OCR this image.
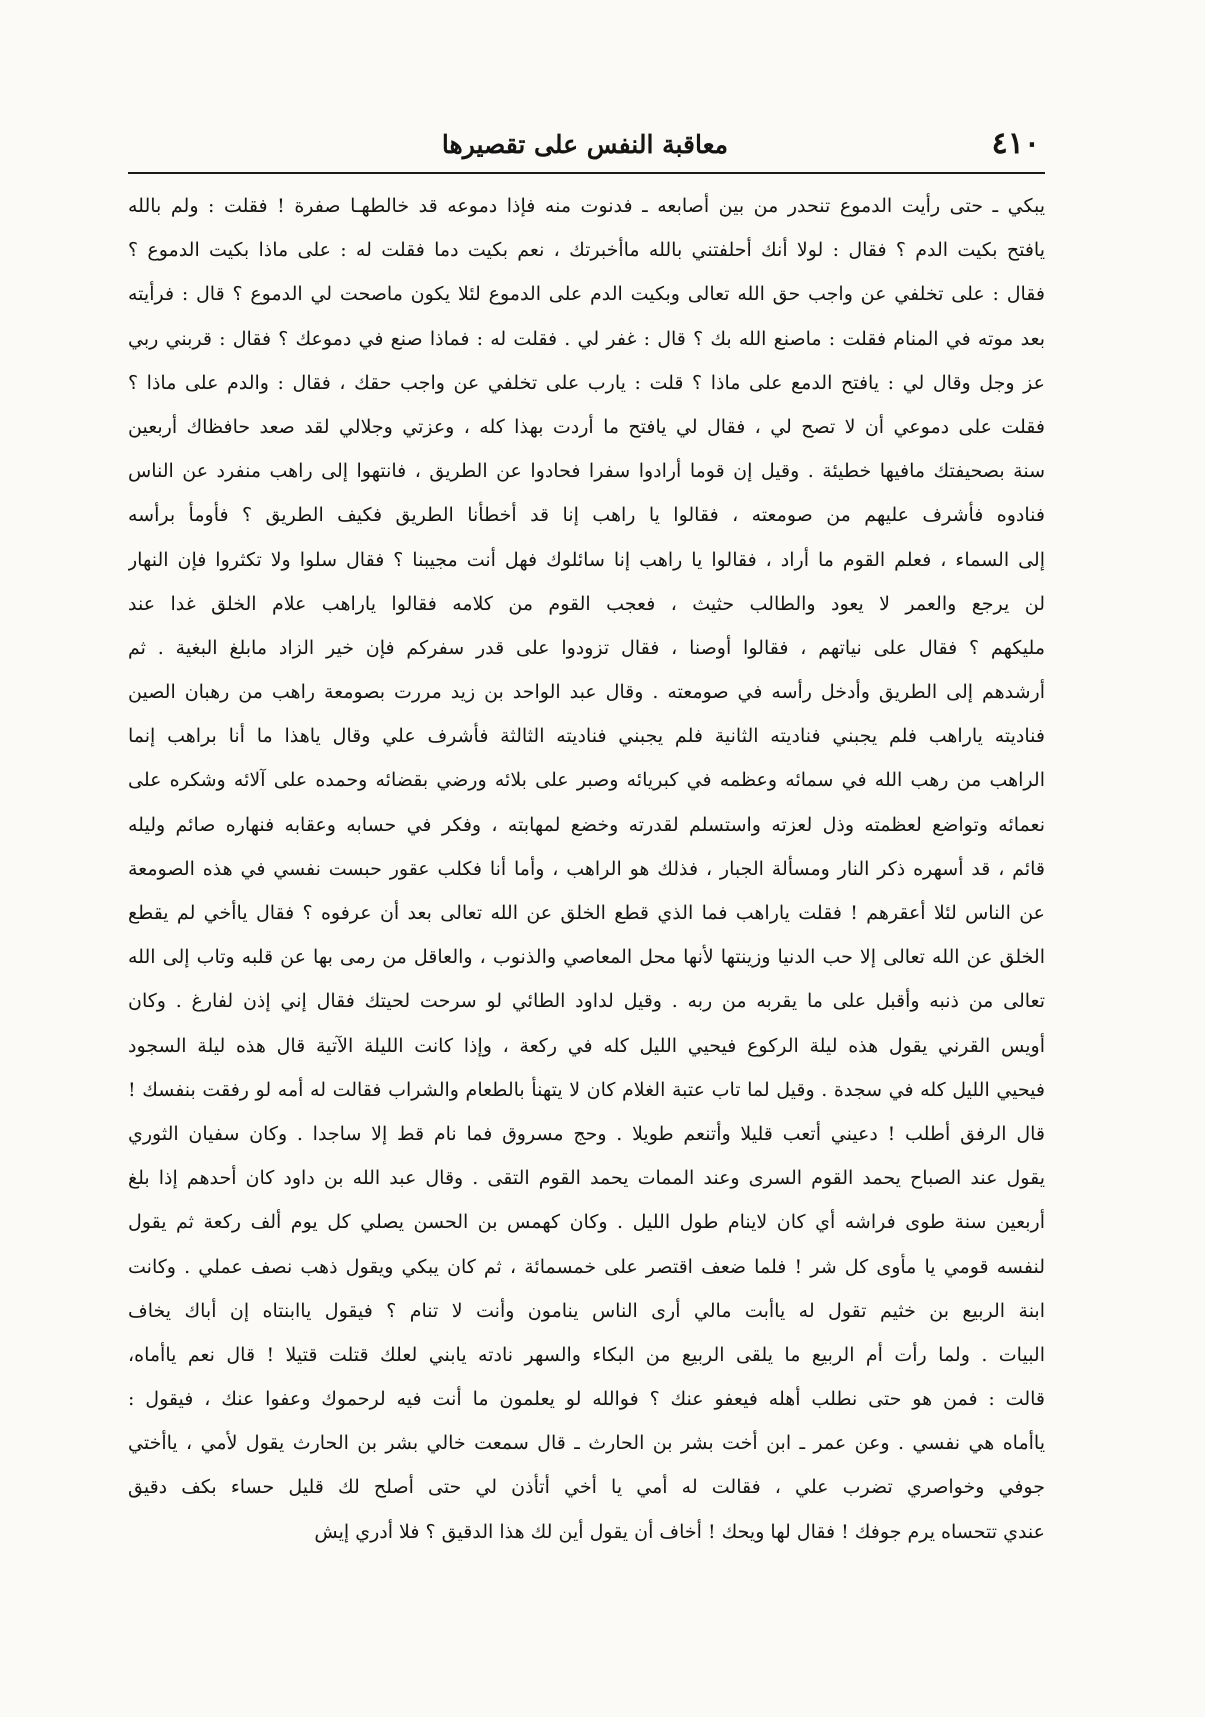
٤١٠
معاقبة النفس على تقصيرها
يبكي ـ حتى رأيت الدموع تنحدر من بين أصابعه ـ فدنوت منه فإذا دموعه قد خالطهـا صفرة ! فقلت : ولم بالله
يافتح بكيت الدم ؟ فقال : لولا أنك أحلفتني بالله ماأخبرتك ، نعم بكيت دما فقلت له : على ماذا بكيت الدموع ؟
فقال : على تخلفي عن واجب حق الله تعالى وبكيت الدم على الدموع لئلا يكون ماصحت لي الدموع ؟ قال : فرأيته
بعد موته في المنام فقلت : ماصنع الله بك ؟ قال : غفر لي . فقلت له : فماذا صنع في دموعك ؟ فقال : قربني ربي
عز وجل وقال لي : يافتح الدمع على ماذا ؟ قلت : يارب على تخلفي عن واجب حقك ، فقال : والدم على ماذا ؟
فقلت على دموعي أن لا تصح لي ، فقال لي يافتح ما أردت بهذا كله ، وعزتي وجلالي لقد صعد حافظاك أربعين
سنة بصحيفتك مافيها خطيئة . وقيل إن قوما أرادوا سفرا فحادوا عن الطريق ، فانتهوا إلى راهب منفرد عن الناس
فنادوه فأشرف عليهم من صومعته ، فقالوا يا راهب إنا قد أخطأنا الطريق فكيف الطريق ؟ فأومأ برأسه
إلى السماء ، فعلم القوم ما أراد ، فقالوا يا راهب إنا سائلوك فهل أنت مجيبنا ؟ فقال سلوا ولا تكثروا فإن النهار
لن يرجع والعمر لا يعود والطالب حثيث ، فعجب القوم من كلامه فقالوا ياراهب علام الخلق غدا عند
مليكهم ؟ فقال على نياتهم ، فقالوا أوصنا ، فقال تزودوا على قدر سفركم فإن خير الزاد مابلغ البغية . ثم
أرشدهم إلى الطريق وأدخل رأسه في صومعته . وقال عبد الواحد بن زيد مررت بصومعة راهب من رهبان الصين
فناديته ياراهب فلم يجبني فناديته الثانية فلم يجبني فناديته الثالثة فأشرف علي وقال ياهذا ما أنا براهب إنما
الراهب من رهب الله في سمائه وعظمه في كبريائه وصبر على بلائه ورضي بقضائه وحمده على آلائه وشكره على
نعمائه وتواضع لعظمته وذل لعزته واستسلم لقدرته وخضع لمهابته ، وفكر في حسابه وعقابه فنهاره صائم وليله
قائم ، قد أسهره ذكر النار ومسألة الجبار ، فذلك هو الراهب ، وأما أنا فكلب عقور حبست نفسي في هذه الصومعة
عن الناس لئلا أعقرهم ! فقلت ياراهب فما الذي قطع الخلق عن الله تعالى بعد أن عرفوه ؟ فقال ياأخي لم يقطع
الخلق عن الله تعالى إلا حب الدنيا وزينتها لأنها محل المعاصي والذنوب ، والعاقل من رمى بها عن قلبه وتاب إلى الله
تعالى من ذنبه وأقبل على ما يقربه من ربه . وقيل لداود الطائي لو سرحت لحيتك فقال إني إذن لفارغ . وكان
أويس القرني يقول هذه ليلة الركوع فيحيي الليل كله في ركعة ، وإذا كانت الليلة الآتية قال هذه ليلة السجود
فيحيي الليل كله في سجدة . وقيل لما تاب عتبة الغلام كان لا يتهنأ بالطعام والشراب فقالت له أمه لو رفقت بنفسك !
قال الرفق أطلب ! دعيني أتعب قليلا وأتنعم طويلا . وحج مسروق فما نام قط إلا ساجدا . وكان سفيان الثوري
يقول عند الصباح يحمد القوم السرى وعند الممات يحمد القوم التقى . وقال عبد الله بن داود كان أحدهم إذا بلغ
أربعين سنة طوى فراشه أي كان لاينام طول الليل . وكان كهمس بن الحسن يصلي كل يوم ألف ركعة ثم يقول
لنفسه قومي يا مأوى كل شر ! فلما ضعف اقتصر على خمسمائة ، ثم كان يبكي ويقول ذهب نصف عملي . وكانت
ابنة الربيع بن خثيم تقول له ياأبت مالي أرى الناس ينامون وأنت لا تنام ؟ فيقول ياابنتاه إن أباك يخاف
البيات . ولما رأت أم الربيع ما يلقى الربيع من البكاء والسهر نادته يابني لعلك قتلت قتيلا ! قال نعم ياأماه،
قالت : فمن هو حتى نطلب أهله فيعفو عنك ؟ فوالله لو يعلمون ما أنت فيه لرحموك وعفوا عنك ، فيقول :
ياأماه هي نفسي . وعن عمر ـ ابن أخت بشر بن الحارث ـ قال سمعت خالي بشر بن الحارث يقول لأمي ، ياأختي
جوفي وخواصري تضرب علي ، فقالت له أمي يا أخي أتأذن لي حتى أصلح لك قليل حساء بكف دقيق
عندي تتحساه يرم جوفك ! فقال لها ويحك ! أخاف أن يقول أين لك هذا الدقيق ؟ فلا أدري إيش
